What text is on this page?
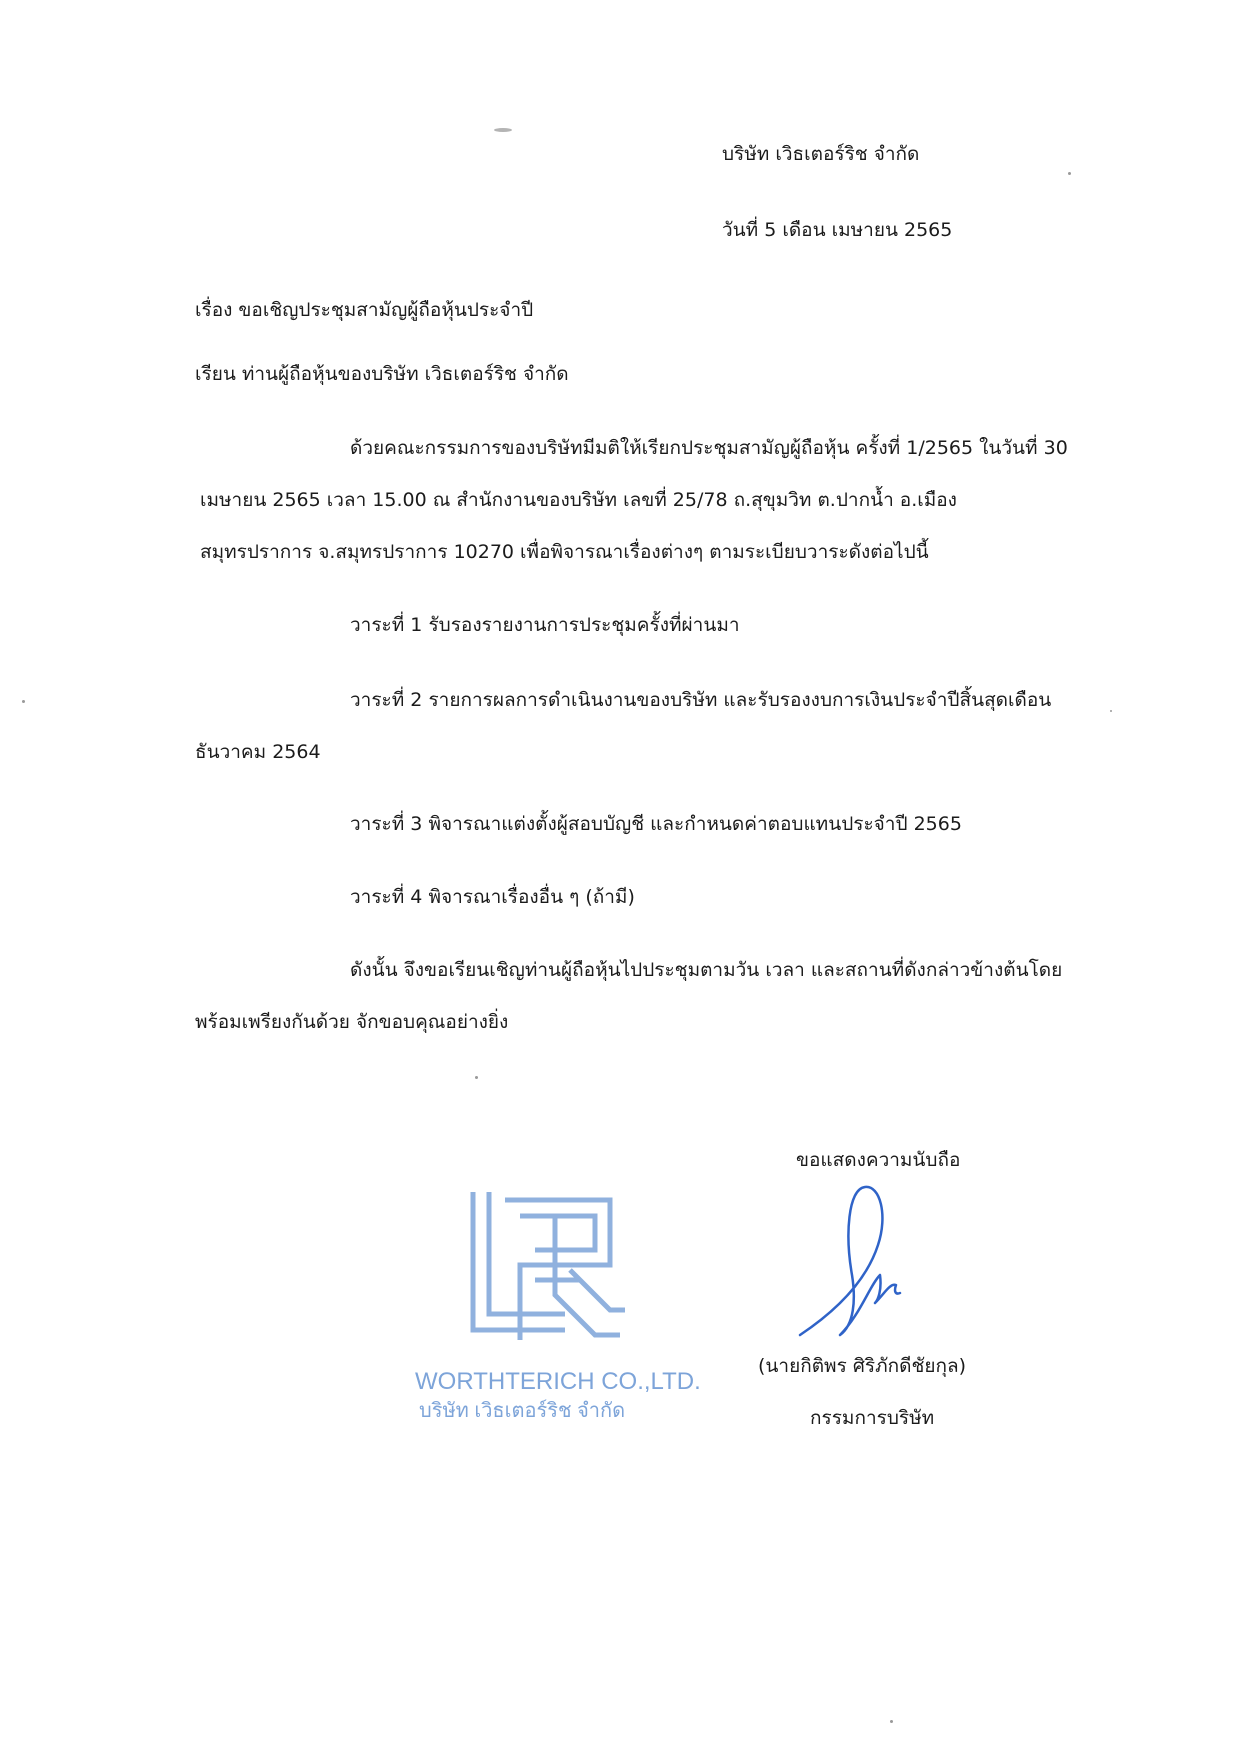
บริษัท เวิธเตอร์ริช จำกัด
วันที่ 5 เดือน เมษายน 2565
เรื่อง ขอเชิญประชุมสามัญผู้ถือหุ้นประจำปี
เรียน ท่านผู้ถือหุ้นของบริษัท เวิธเตอร์ริช จำกัด
ด้วยคณะกรรมการของบริษัทมีมติให้เรียกประชุมสามัญผู้ถือหุ้น ครั้งที่ 1/2565 ในวันที่ 30
เมษายน 2565 เวลา 15.00 ณ สำนักงานของบริษัท เลขที่ 25/78 ถ.สุขุมวิท ต.ปากน้ำ อ.เมือง
สมุทรปราการ จ.สมุทรปราการ 10270 เพื่อพิจารณาเรื่องต่างๆ ตามระเบียบวาระดังต่อไปนี้
วาระที่ 1 รับรองรายงานการประชุมครั้งที่ผ่านมา
วาระที่ 2 รายการผลการดำเนินงานของบริษัท และรับรองงบการเงินประจำปีสิ้นสุดเดือน
ธันวาคม 2564
วาระที่ 3 พิจารณาแต่งตั้งผู้สอบบัญชี และกำหนดค่าตอบแทนประจำปี 2565
วาระที่ 4 พิจารณาเรื่องอื่น ๆ (ถ้ามี)
ดังนั้น จึงขอเรียนเชิญท่านผู้ถือหุ้นไปประชุมตามวัน เวลา และสถานที่ดังกล่าวข้างต้นโดย
พร้อมเพรียงกันด้วย จักขอบคุณอย่างยิ่ง
ขอแสดงความนับถือ
WORTHTERICH CO.,LTD.
บริษัท เวิธเตอร์ริช จำกัด
(นายกิติพร ศิริภักดีชัยกุล)
กรรมการบริษัท
